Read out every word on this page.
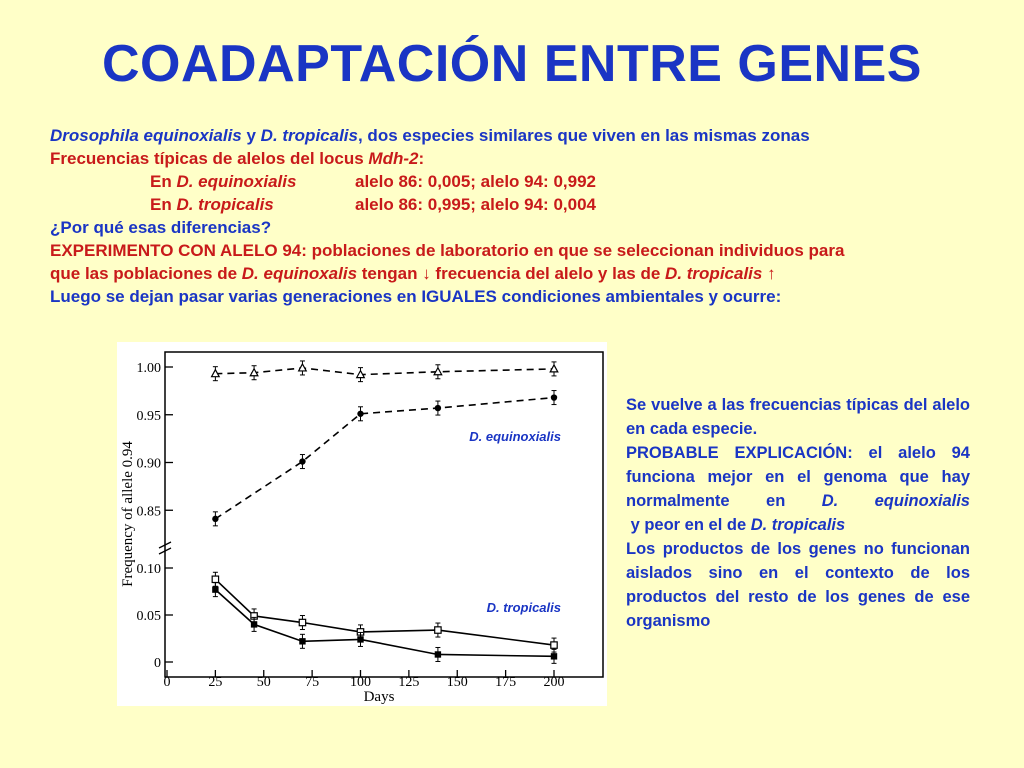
COADAPTACIÓN ENTRE GENES
Drosophila equinoxialis y D. tropicalis, dos especies similares que viven en las mismas zonas
Frecuencias típicas de alelos del locus Mdh-2:
En D. equinoxialis	alelo 86: 0,005; alelo 94: 0,992
En D. tropicalis	alelo 86: 0,995; alelo 94: 0,004
¿Por qué esas diferencias?
EXPERIMENTO CON ALELO 94: poblaciones de laboratorio en que se seleccionan individuos para
que las poblaciones de D. equinoxalis tengan ↓ frecuencia del alelo y las de D. tropicalis ↑
Luego se dejan pasar varias generaciones en IGUALES condiciones ambientales y ocurre:
Frequency of allele 0.94
Days
D. equinoxialis
D. tropicalis
1.00
0.95
0.90
0.85
0.10
0.05
0
0	25 50 75 100 125 150 175 200

Se vuelve a las frecuencias típicas del alelo en cada especie.

PROBABLE EXPLICACIÓN: el alelo 94 funciona mejor en el genoma que hay normalmente en D. equinoxialis y peor en el de D. tropicalis

Los productos de los genes no funcionan aislados sino en el contexto de los productos del resto de los genes de ese organismo
